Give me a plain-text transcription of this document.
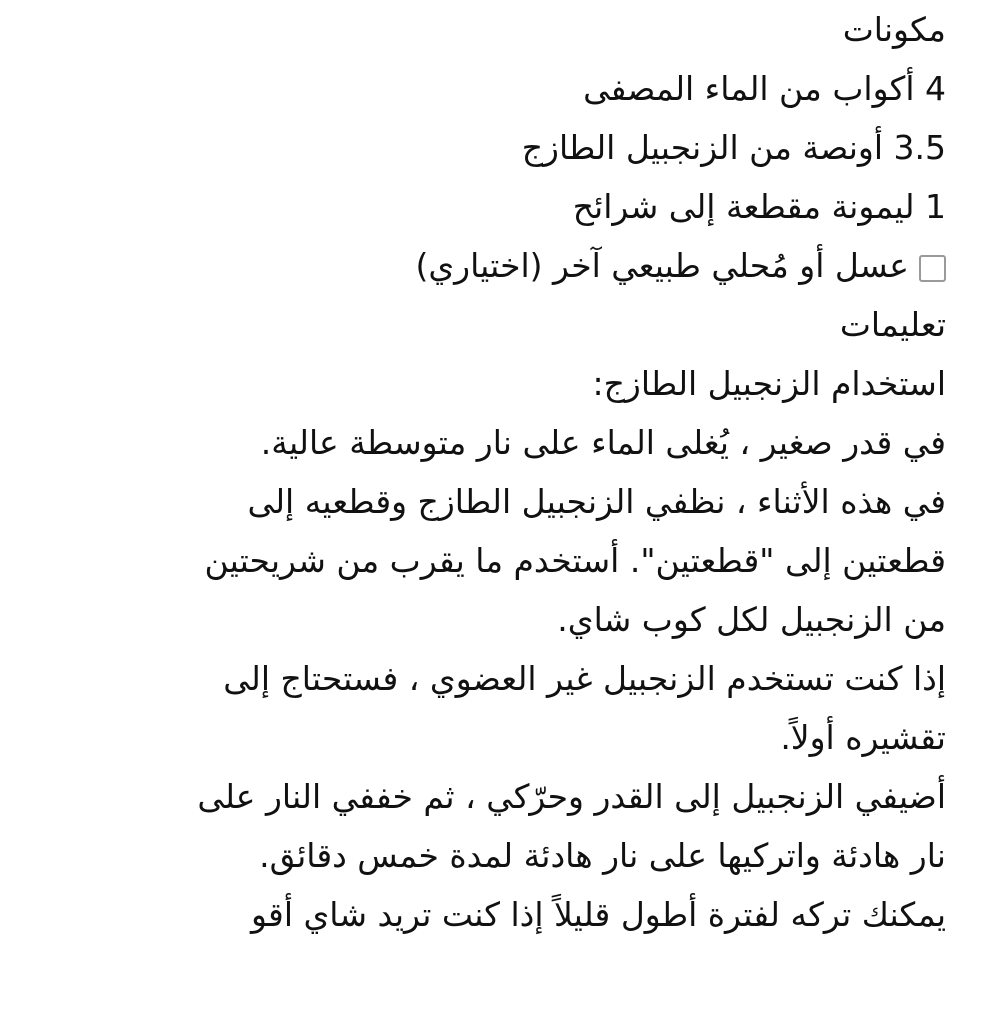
مكونات
4 أكواب من الماء المصفى
3.5 أونصة من الزنجبيل الطازج
1 ليمونة مقطعة إلى شرائح
عسل أو مُحلي طبيعي آخر (اختياري)
تعليمات
استخدام الزنجبيل الطازج:
في قدر صغير ، يُغلى الماء على نار متوسطة عالية.
في هذه الأثناء ، نظفي الزنجبيل الطازج وقطعيه إلى
قطعتين إلى "قطعتين". أستخدم ما يقرب من شريحتين
من الزنجبيل لكل كوب شاي.
إذا كنت تستخدم الزنجبيل غير العضوي ، فستحتاج إلى
تقشيره أولاً.
أضيفي الزنجبيل إلى القدر وحرّكي ، ثم خففي النار على
نار هادئة واتركيها على نار هادئة لمدة خمس دقائق.
يمكنك تركه لفترة أطول قليلاً إذا كنت تريد شاي أقو
